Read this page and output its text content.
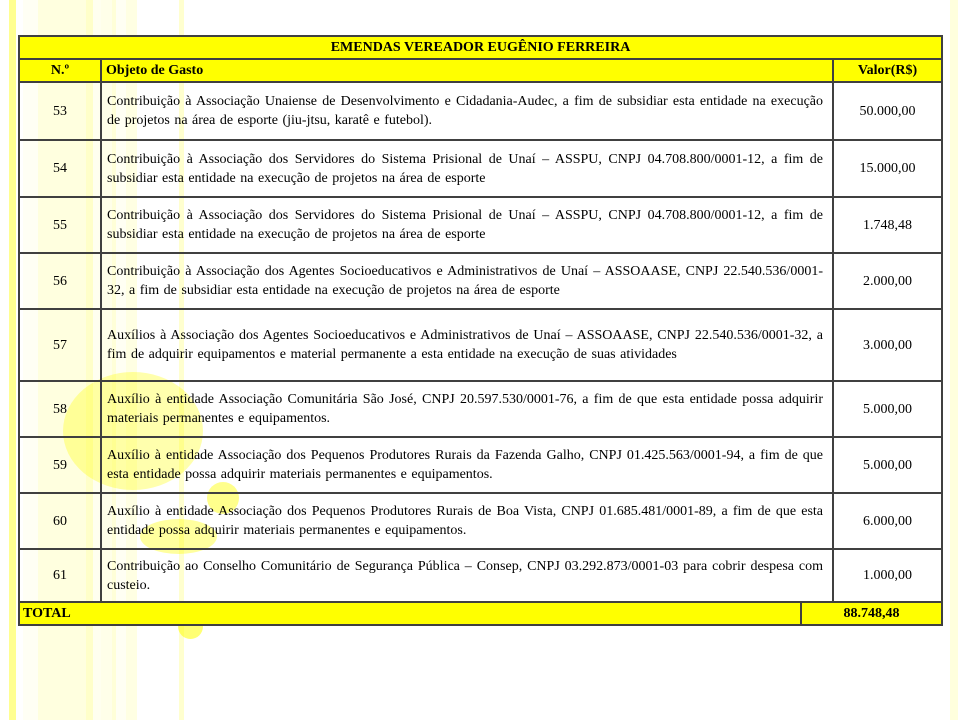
EMENDAS VEREADOR EUGÊNIO FERREIRA			
N.º	Objeto de Gasto		Valor(R$)
53	Contribuição à Associação Unaiense de Desenvolvimento e Cidadania-Audec, a fim de subsidiar esta entidade na execução de projetos na área de esporte (jiu-jtsu, karatê e futebol).		50.000,00
54	Contribuição à Associação dos Servidores do Sistema Prisional de Unaí – ASSPU, CNPJ 04.708.800/0001-12, a fim de subsidiar esta entidade na execução de projetos na área de esporte		15.000,00
55	Contribuição à Associação dos Servidores do Sistema Prisional de Unaí – ASSPU, CNPJ 04.708.800/0001-12, a fim de subsidiar esta entidade na execução de projetos na área de esporte		1.748,48
56	Contribuição à Associação dos Agentes Socioeducativos e Administrativos de Unaí – ASSOAASE, CNPJ 22.540.536/0001-32, a fim de subsidiar esta entidade na execução de projetos na área de esporte		2.000,00
57	Auxílios à Associação dos Agentes Socioeducativos e Administrativos de Unaí – ASSOAASE, CNPJ 22.540.536/0001-32, a fim de adquirir equipamentos e material permanente a esta entidade na execução de suas atividades		3.000,00
58	Auxílio à entidade Associação Comunitária São José, CNPJ 20.597.530/0001-76, a fim de que esta entidade possa adquirir materiais permanentes e equipamentos.		5.000,00
59	Auxílio à entidade Associação dos Pequenos Produtores Rurais da Fazenda Galho, CNPJ 01.425.563/0001-94, a fim de que esta entidade possa adquirir materiais permanentes e equipamentos.		5.000,00
60	Auxílio à entidade Associação dos Pequenos Produtores Rurais de Boa Vista, CNPJ 01.685.481/0001-89, a fim de que esta entidade possa adquirir materiais permanentes e equipamentos.		6.000,00
61	Contribuição ao Conselho Comunitário de Segurança Pública – Consep, CNPJ 03.292.873/0001-03 para cobrir despesa com custeio.		1.000,00
TOTAL		88.748,48	
